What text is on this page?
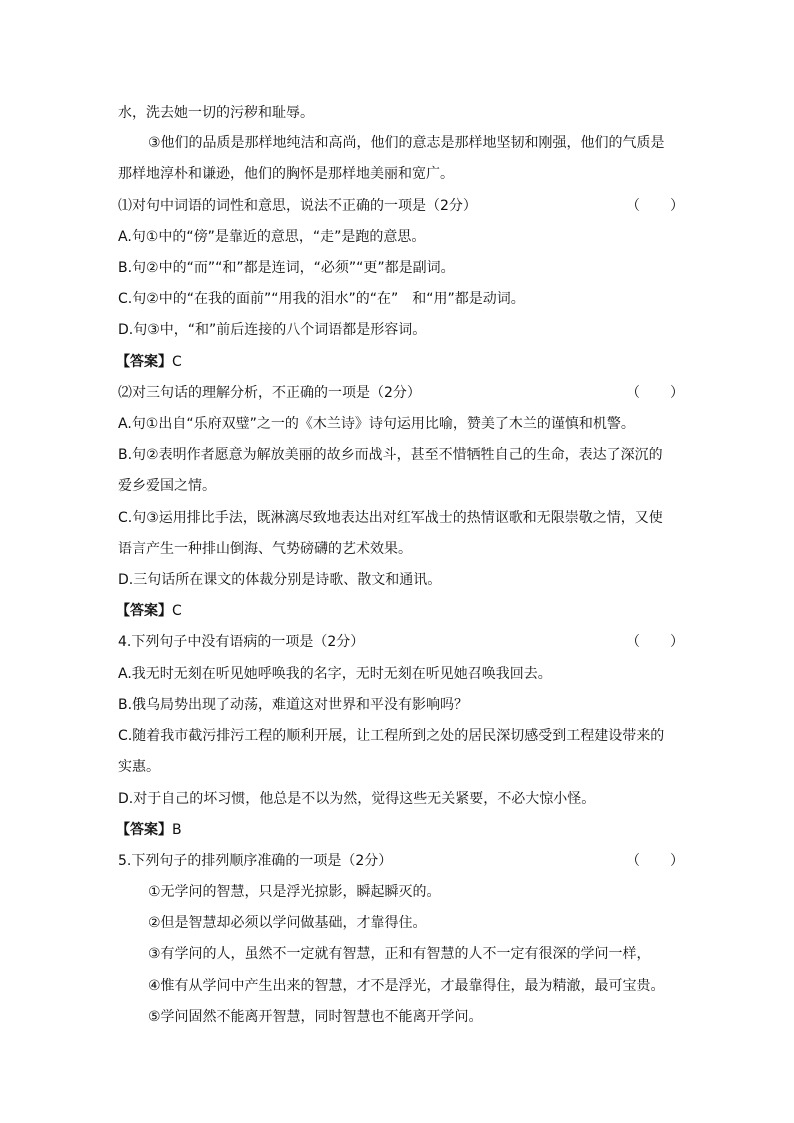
水，洗去她一切的污秽和耻辱。
③他们的品质是那样地纯洁和高尚，他们的意志是那样地坚韧和刚强，他们的气质是
那样地淳朴和谦逊，他们的胸怀是那样地美丽和宽广。
⑴对句中词语的词性和意思，说法不正确的一项是（2分）	（ ）
A.句①中的“傍”是靠近的意思，“走”是跑的意思。
B.句②中的“而”“和”都是连词，“必须”“更”都是副词。
C.句②中的“在我的面前”“用我的泪水”的“在”　和“用”都是动词。
D.句③中，“和”前后连接的八个词语都是形容词。
【答案】C
⑵对三句话的理解分析，不正确的一项是（2分）	（ ）
A.句①出自“乐府双璧”之一的《木兰诗》诗句运用比喻，赞美了木兰的谨慎和机警。
B.句②表明作者愿意为解放美丽的故乡而战斗，甚至不惜牺牲自己的生命，表达了深沉的
爱乡爱国之情。
C.句③运用排比手法，既淋漓尽致地表达出对红军战士的热情讴歌和无限崇敬之情，又使
语言产生一种排山倒海、气势磅礴的艺术效果。
D.三句话所在课文的体裁分别是诗歌、散文和通讯。
【答案】C
4.下列句子中没有语病的一项是（2分）	（ ）
A.我无时无刻在听见她呼唤我的名字，无时无刻在听见她召唤我回去。
B.俄乌局势出现了动荡，难道这对世界和平没有影响吗？
C.随着我市截污排污工程的顺利开展，让工程所到之处的居民深切感受到工程建设带来的
实惠。
D.对于自己的坏习惯，他总是不以为然，觉得这些无关紧要，不必大惊小怪。
【答案】B
5.下列句子的排列顺序准确的一项是（2分）	（ ）
①无学问的智慧，只是浮光掠影，瞬起瞬灭的。
②但是智慧却必须以学问做基础，才靠得住。
③有学问的人，虽然不一定就有智慧，正和有智慧的人不一定有很深的学问一样，
④惟有从学问中产生出来的智慧，才不是浮光，才最靠得住，最为精澈，最可宝贵。
⑤学问固然不能离开智慧，同时智慧也不能离开学问。
